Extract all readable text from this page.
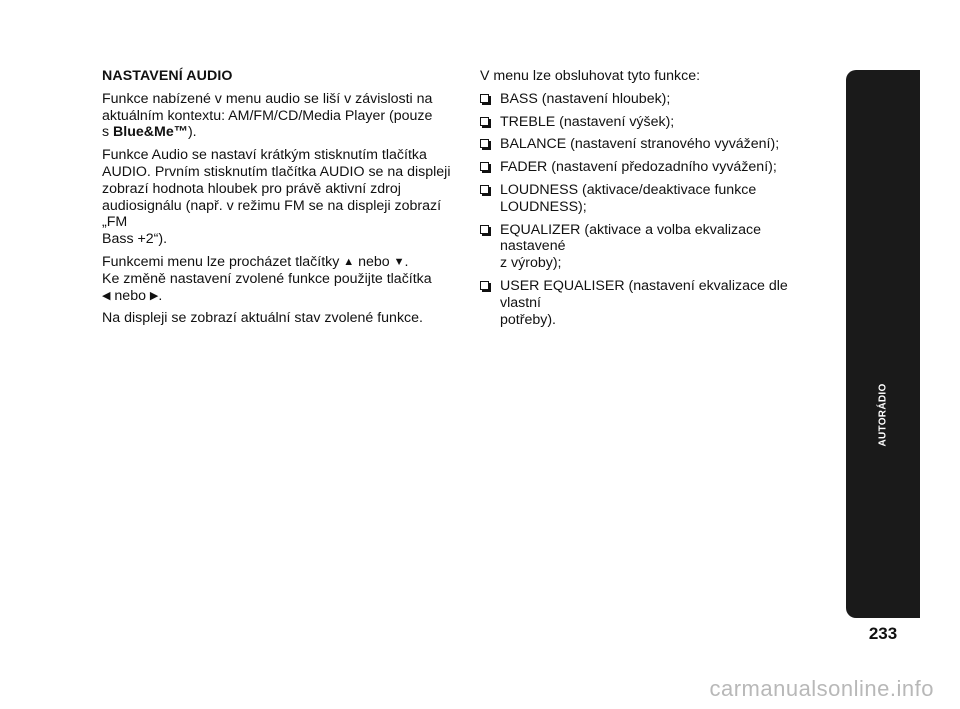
NASTAVENÍ AUDIO

Funkce nabízené v menu audio se liší v závislosti na
aktuálním kontextu: AM/FM/CD/Media Player (pouze
s Blue&Me™).

Funkce Audio se nastaví krátkým stisknutím tlačítka
AUDIO. Prvním stisknutím tlačítka AUDIO se na displeji
zobrazí hodnota hloubek pro právě aktivní zdroj
audiosignálu (např. v režimu FM se na displeji zobrazí „FM
Bass +2“).

Funkcemi menu lze procházet tlačítky ▲ nebo ▼.
Ke změně nastavení zvolené funkce použijte tlačítka
◀ nebo ▶.

Na displeji se zobrazí aktuální stav zvolené funkce.

V menu lze obsluhovat tyto funkce:

BASS (nastavení hloubek);
TREBLE (nastavení výšek);
BALANCE (nastavení stranového vyvážení);
FADER (nastavení předozadního vyvážení);
LOUDNESS (aktivace/deaktivace funkce
LOUDNESS);
EQUALIZER (aktivace a volba ekvalizace nastavené
z výroby);
USER EQUALISER (nastavení ekvalizace dle vlastní
potřeby).
AUTORÁDIO
233
carmanualsonline.info
